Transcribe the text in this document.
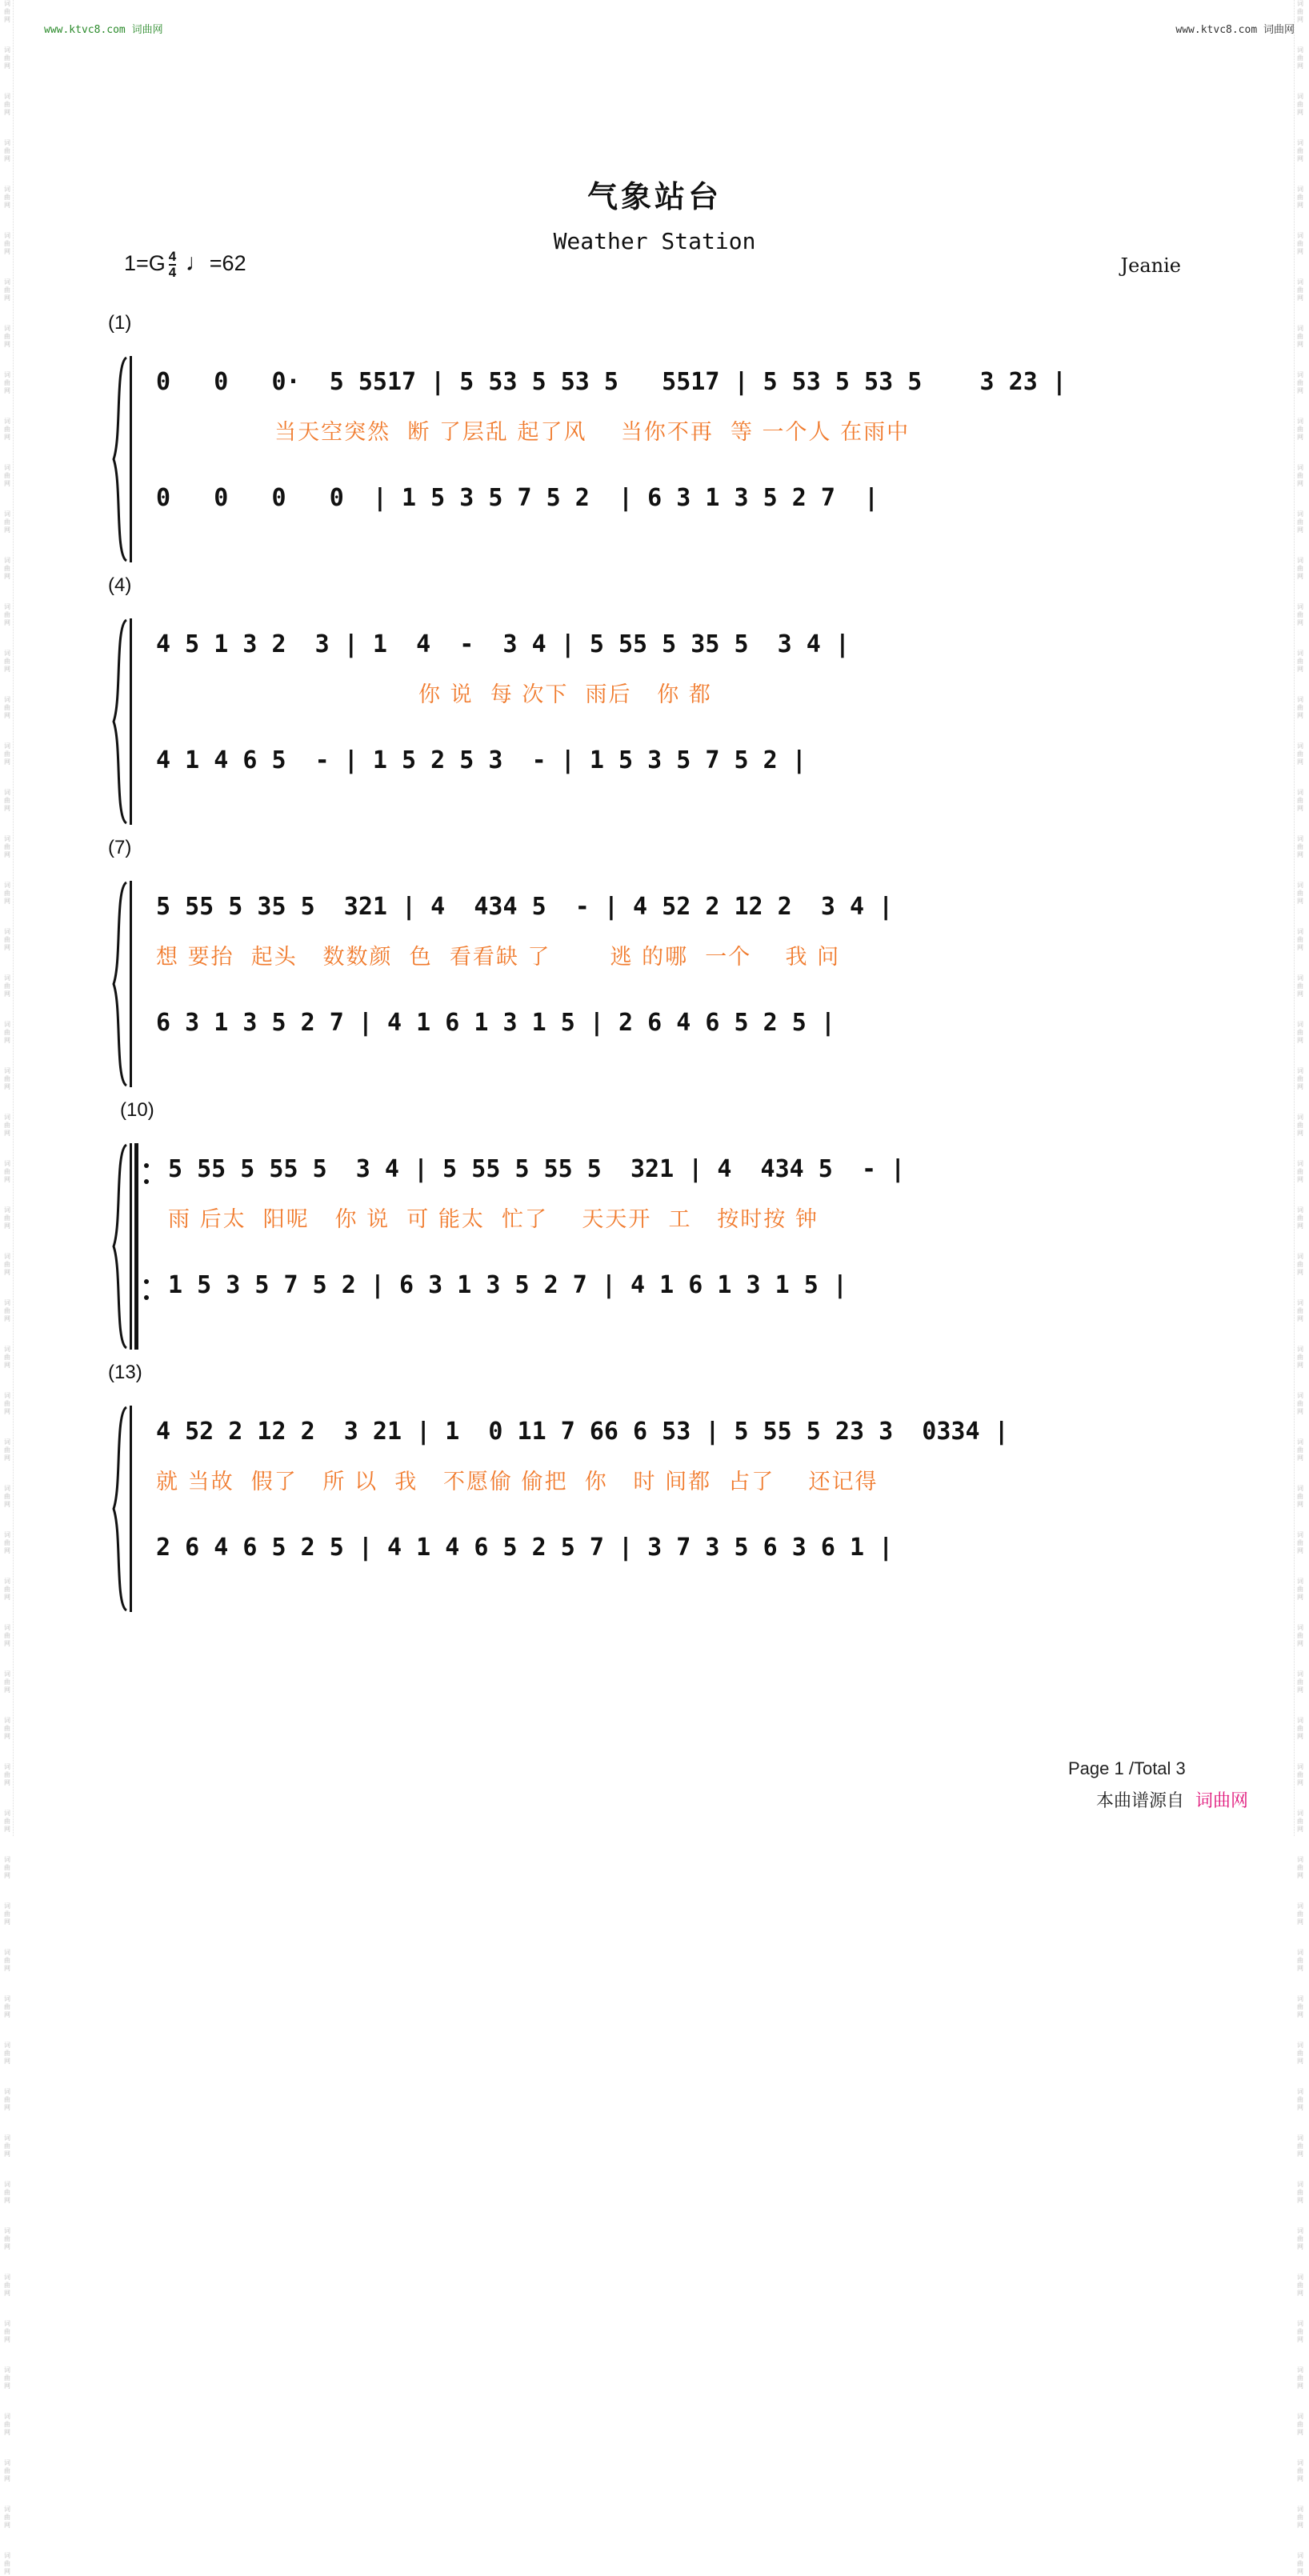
www.ktvc8.com 词曲网	www.ktvc8.com 词曲网
词曲网
词曲网
词曲网
词曲网
词曲网
词曲网
词曲网
词曲网
词曲网
词曲网
词曲网
词曲网
词曲网
词曲网
词曲网
词曲网
词曲网
词曲网
词曲网
词曲网
词曲网
词曲网
词曲网
词曲网
词曲网
词曲网
词曲网
词曲网
词曲网
词曲网
词曲网
词曲网
词曲网
词曲网
词曲网
词曲网
词曲网
词曲网
词曲网
词曲网
词曲网
词曲网
词曲网
词曲网
词曲网
词曲网
词曲网
词曲网
词曲网
词曲网
词曲网
词曲网
词曲网
词曲网
词曲网
词曲网
词曲网
词曲网
词曲网
词曲网
词曲网
词曲网
词曲网
词曲网
词曲网
词曲网
词曲网
词曲网
词曲网
词曲网
词曲网
词曲网
词曲网
词曲网
词曲网
词曲网
词曲网
词曲网
词曲网
词曲网
词曲网
词曲网
词曲网
词曲网
词曲网
词曲网
词曲网
词曲网
词曲网
词曲网
词曲网
词曲网
词曲网
词曲网
词曲网
词曲网
词曲网
词曲网
词曲网
词曲网
词曲网
词曲网
词曲网
词曲网
词曲网
词曲网
词曲网
词曲网
词曲网
词曲网
词曲网
词曲网
气象站台
Weather Station
$1=G \frac{4}{4}$ ♩=62	Jeanie
(1)
0   0   0·  5 5517 | 5 53 5 53 5   5517 | 5 53 5 53 5    3 23 |
当天空突然  断 了层乱 起了风    当你不再  等 一个人 在雨中
0   0   0   0  | 1 5 3 5 7 5 2  | 6 3 1 3 5 2 7  |
(4)
4 5 1 3 2  3 | 1  4  -  3 4 | 5 55 5 35 5  3 4 |
你 说  每 次下  雨后   你 都
4 1 4 6 5  - | 1 5 2 5 3  - | 1 5 3 5 7 5 2 |
(7)
5 55 5 35 5  321 | 4  434 5  - | 4 52 2 12 2  3 4 |
想 要抬  起头   数数颜  色  看看缺 了       逃 的哪  一个    我 问
6 3 1 3 5 2 7 | 4 1 6 1 3 1 5 | 2 6 4 6 5 2 5 |
(10)
5 55 5 55 5  3 4 | 5 55 5 55 5  321 | 4  434 5  - |
雨 后太  阳呢   你 说  可 能太  忙了    天天开  工   按时按 钟
1 5 3 5 7 5 2 | 6 3 1 3 5 2 7 | 4 1 6 1 3 1 5 |
(13)
4 52 2 12 2  3 21 | 1  0 11 7 66 6 53 | 5 55 5 23 3  0334 |
就 当故  假了   所 以  我   不愿偷 偷把  你   时 间都  占了    还记得
2 6 4 6 5 2 5 | 4 1 4 6 5 2 5 7 | 3 7 3 5 6 3 6 1 |
Page 1 /Total 3
本曲谱源自 词曲网
